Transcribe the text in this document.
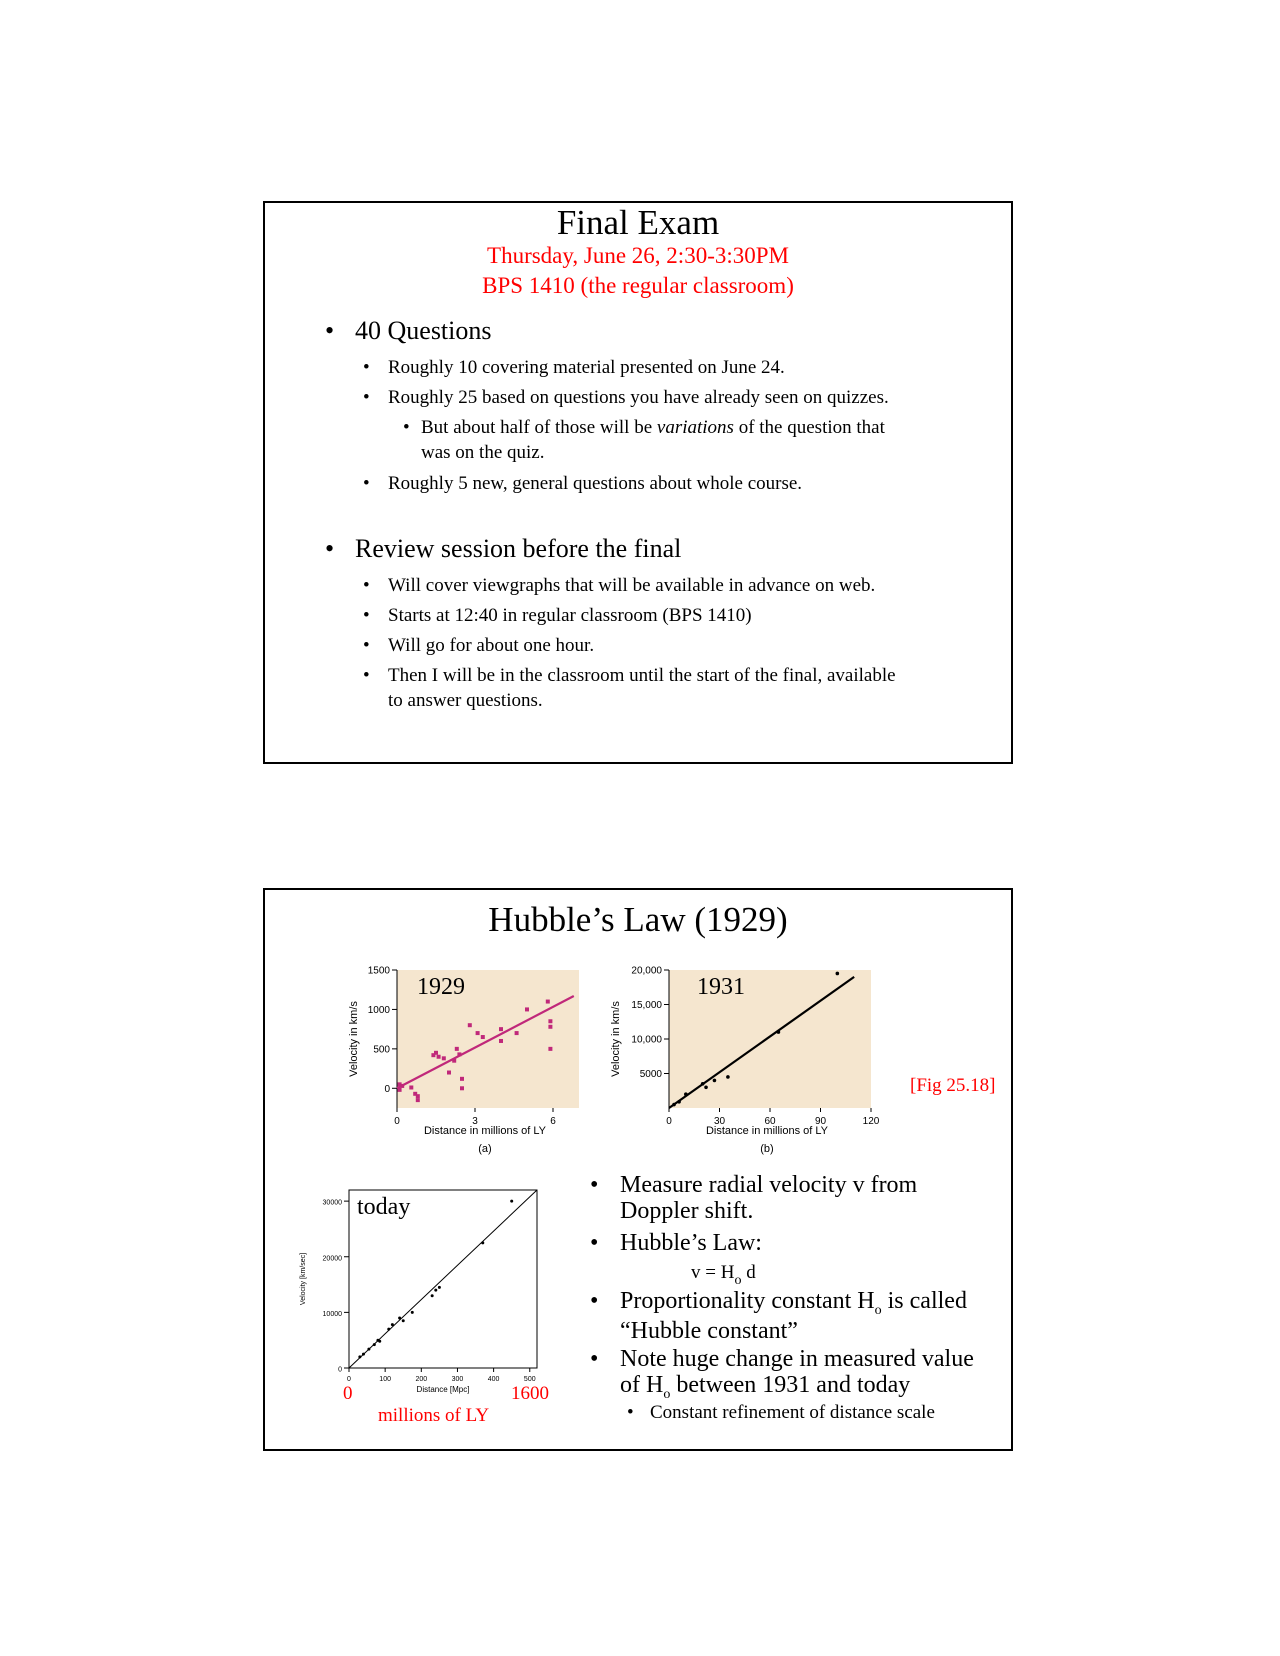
Final Exam
Thursday, June 26, 2:30-3:30PM
BPS 1410 (the regular classroom)
• 40 Questions
• Roughly 10 covering material presented on June 24.
• Roughly 25 based on questions you have already seen on quizzes.
• But about half of those will be variations of the question that
was on the quiz.
• Roughly 5 new, general questions about whole course.
• Review session before the final
• Will cover viewgraphs that will be available in advance on web.
• Starts at 12:40 in regular classroom (BPS 1410)
• Will go for about one hour.
• Then I will be in the classroom until the start of the final, available
to answer questions.
Hubble’s Law (1929)
0
500
1000
1500
0	3	6
1929
Velocity in km/s
Distance in millions of LY
(a)
5000
10,000
15,000
20,000
0	30	60	90	120
1931
Velocity in km/s
Distance in millions of LY
(b)
[Fig 25.18]
0
10000
20000
30000
0	100	200	300	400	500
today
Velocity [km/sec]
Distance [Mpc]
0	1600
millions of LY
• Measure radial velocity v from
Doppler shift.
• Hubble’s Law:
$v = H_o$ d
• Proportionality constant $H_o$ is called
“Hubble constant”
• Note huge change in measured value
of $H_o$ between 1931 and today
• Constant refinement of distance scale
